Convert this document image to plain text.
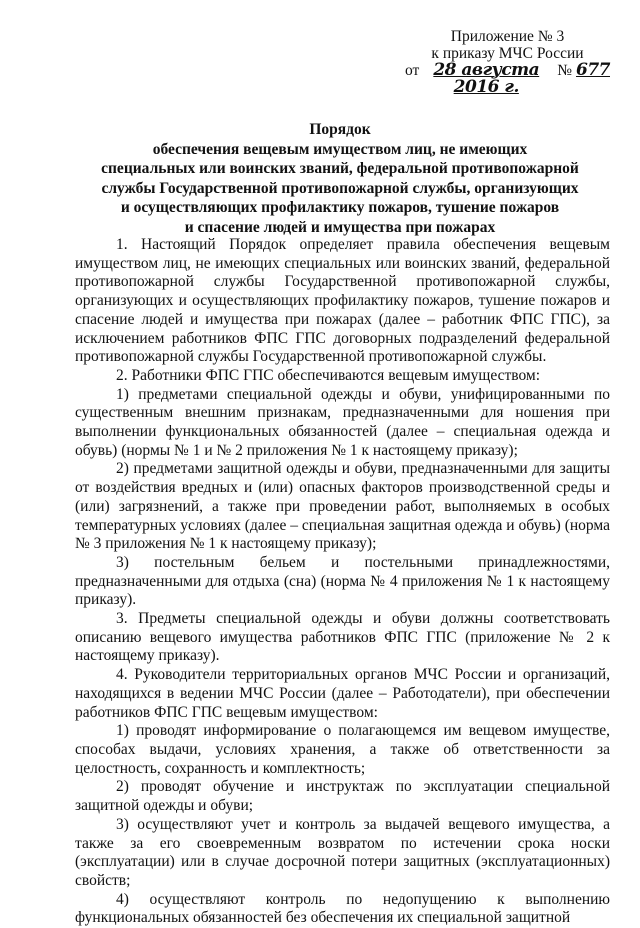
Приложение № 3
к приказу МЧС России
от 28 августа 2016 г.
№ 677
Порядок
обеспечения вещевым имуществом лиц, не имеющих
специальных или воинских званий, федеральной противопожарной
службы Государственной противопожарной службы, организующих
и осуществляющих профилактику пожаров, тушение пожаров
и спасение людей и имущества при пожарах

1. Настоящий Порядок определяет правила обеспечения вещевым имуществом лиц, не имеющих специальных или воинских званий, федеральной противопожарной службы Государственной противопожарной службы, организующих и осуществляющих профилактику пожаров, тушение пожаров и спасение людей и имущества при пожарах (далее – работник ФПС ГПС), за исключением работников ФПС ГПС договорных подразделений федеральной противопожарной службы Государственной противопожарной службы.

2. Работники ФПС ГПС обеспечиваются вещевым имуществом:

1) предметами специальной одежды и обуви, унифицированными по существенным внешним признакам, предназначенными для ношения при выполнении функциональных обязанностей (далее – специальная одежда и обувь) (нормы № 1 и № 2 приложения № 1 к настоящему приказу);

2) предметами защитной одежды и обуви, предназначенными для защиты от воздействия вредных и (или) опасных факторов производственной среды и (или) загрязнений, а также при проведении работ, выполняемых в особых температурных условиях (далее – специальная защитная одежда и обувь) (норма № 3 приложения № 1 к настоящему приказу);

3) постельным бельем и постельными принадлежностями, предназначенными для отдыха (сна) (норма № 4 приложения № 1 к настоящему приказу).

3. Предметы специальной одежды и обуви должны соответствовать описанию вещевого имущества работников ФПС ГПС (приложение № 2 к настоящему приказу).

4. Руководители территориальных органов МЧС России и организаций, находящихся в ведении МЧС России (далее – Работодатели), при обеспечении работников ФПС ГПС вещевым имуществом:

1) проводят информирование о полагающемся им вещевом имуществе, способах выдачи, условиях хранения, а также об ответственности за целостность, сохранность и комплектность;

2) проводят обучение и инструктаж по эксплуатации специальной защитной одежды и обуви;

3) осуществляют учет и контроль за выдачей вещевого имущества, а также за его своевременным возвратом по истечении срока носки (эксплуатации) или в случае досрочной потери защитных (эксплуатационных) свойств;

4) осуществляют контроль по недопущению к выполнению функциональных обязанностей без обеспечения их специальной защитной
